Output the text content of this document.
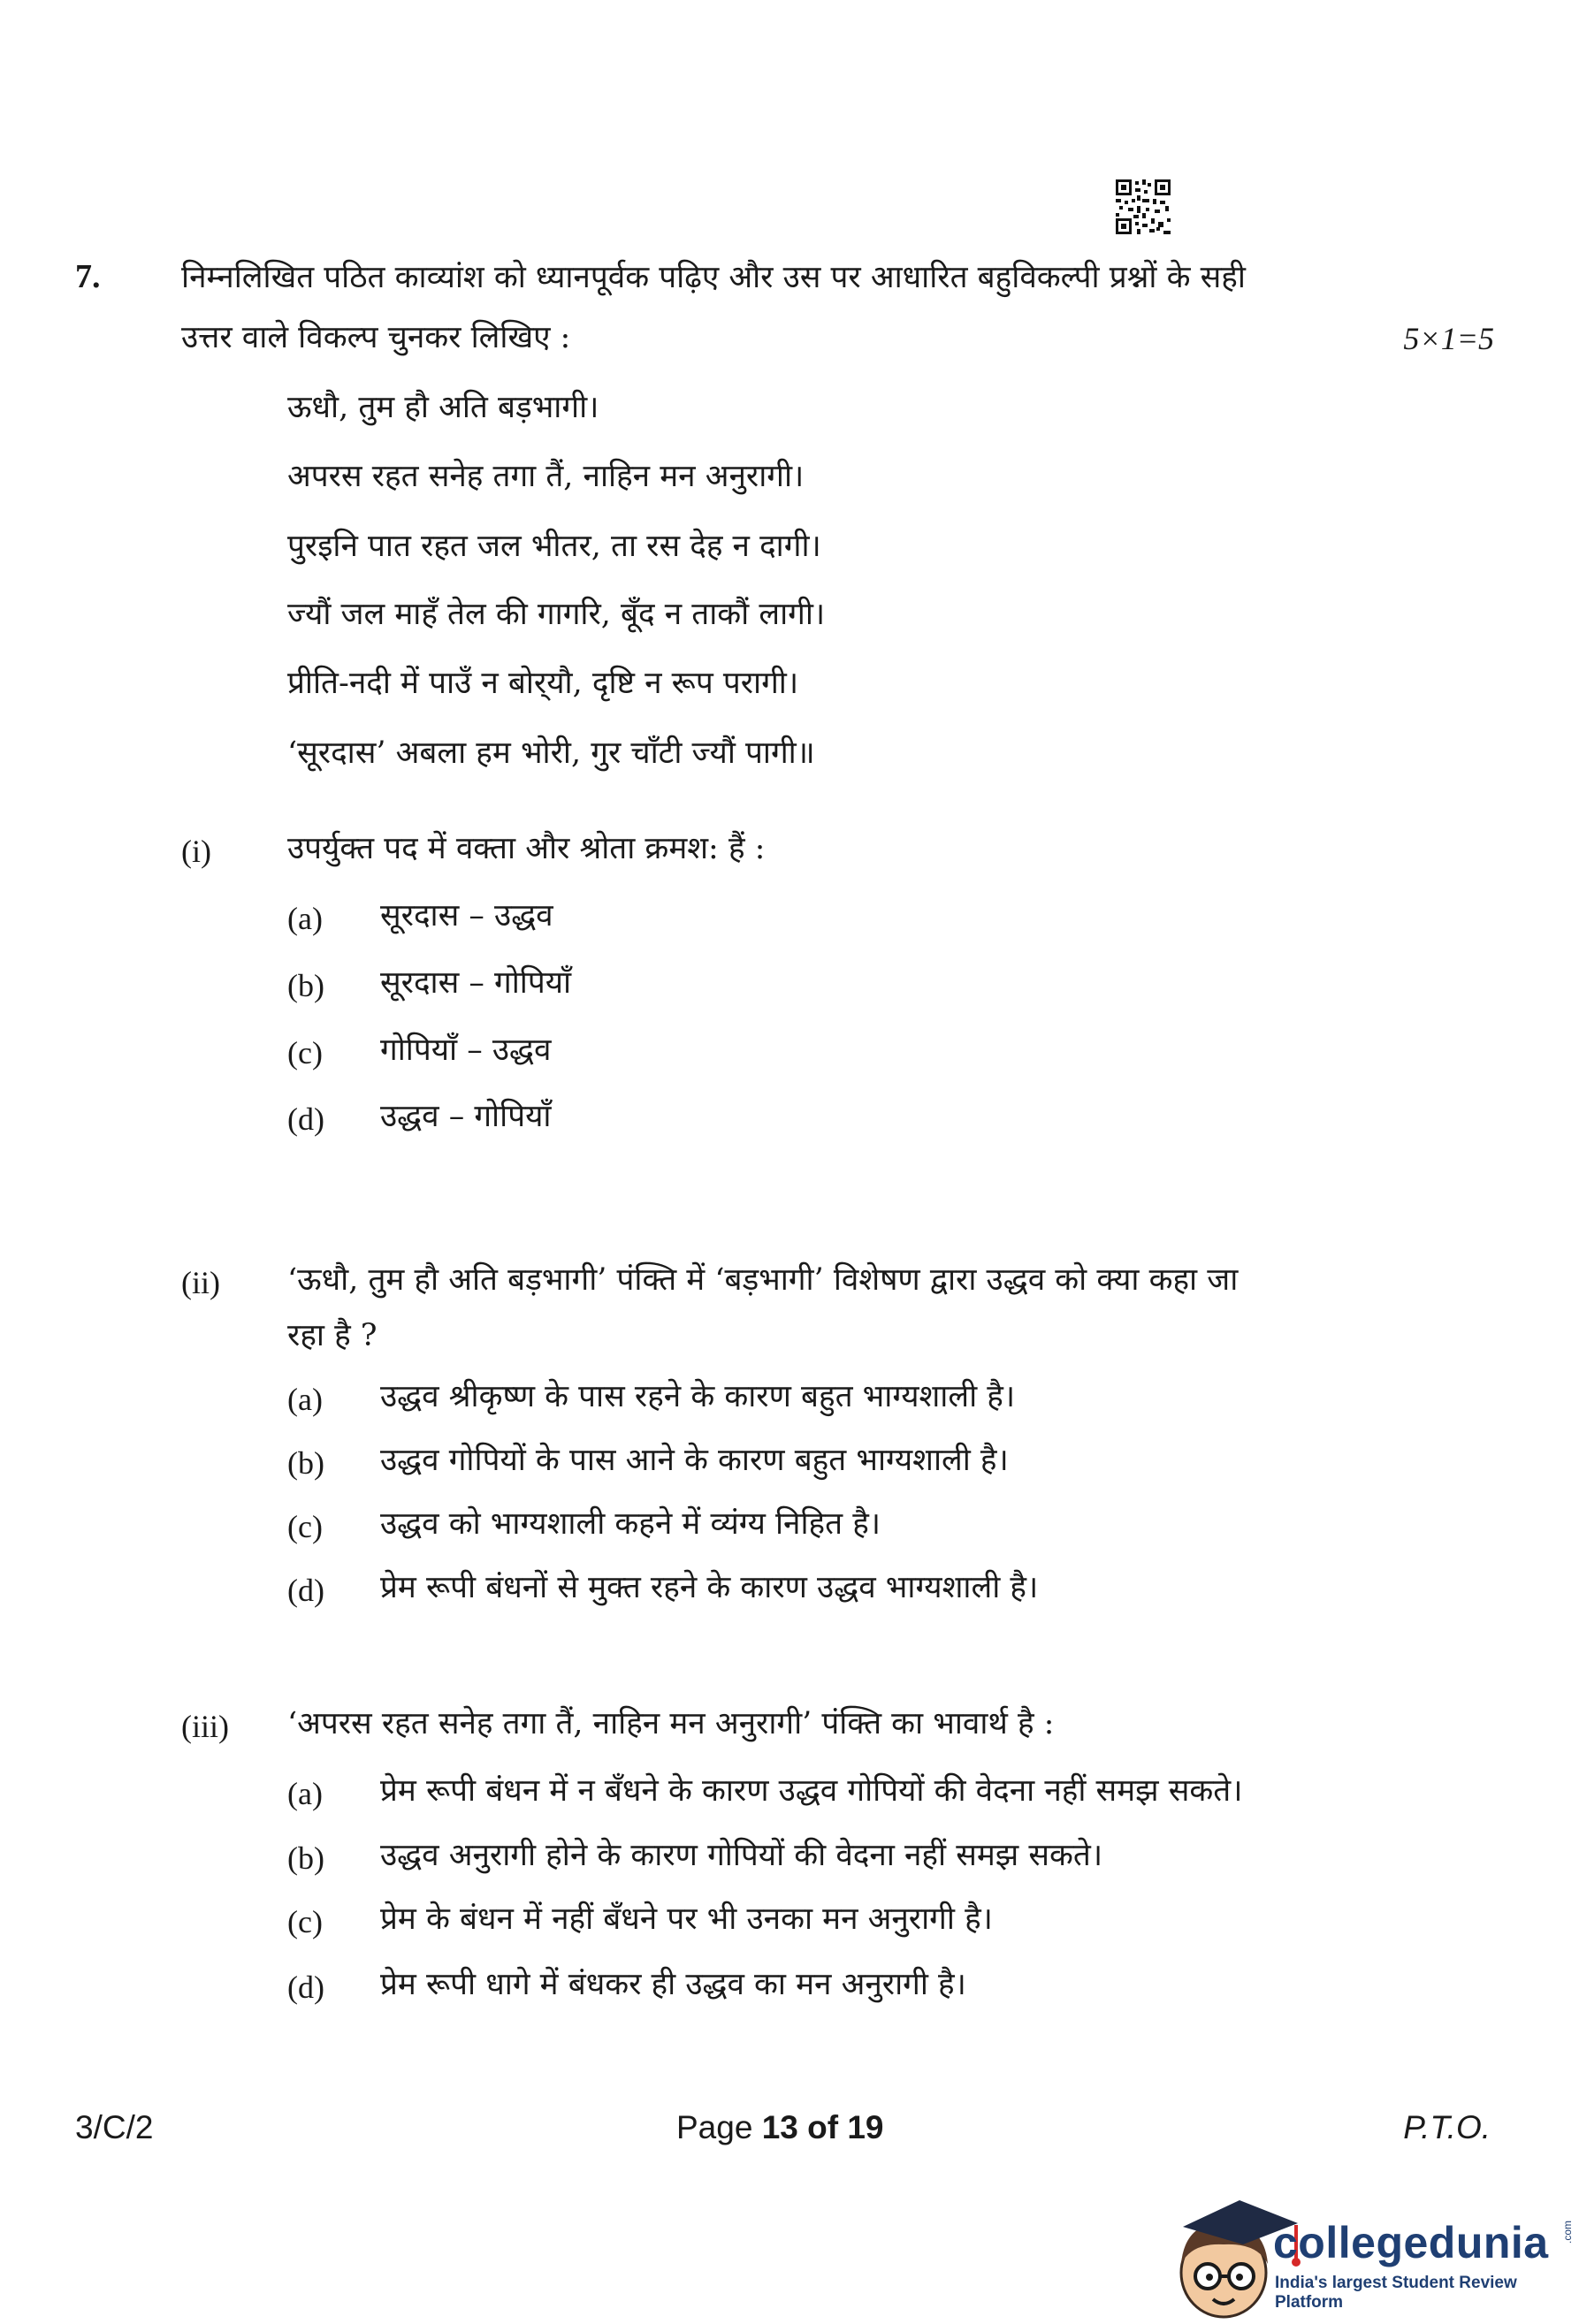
7.	निम्नलिखित पठित काव्यांश को ध्यानपूर्वक पढ़िए और उस पर आधारित बहुविकल्पी प्रश्नों के सही
उत्तर वाले विकल्प चुनकर लिखिए :	5×1=5
ऊधौ, तुम हौ अति बड़भागी।
अपरस रहत सनेह तगा तैं, नाहिन मन अनुरागी।
पुरइनि पात रहत जल भीतर, ता रस देह न दागी।
ज्यौं जल माहँ तेल की गागरि, बूँद न ताकौं लागी।
प्रीति-नदी में पाउँ न बोर्‌यौ, दृष्टि न रूप परागी।
‘सूरदास’ अबला हम भोरी, गुर चाँटी ज्यौं पागी॥
(i) उपर्युक्त पद में वक्ता और श्रोता क्रमश: हैं :
(a) सूरदास – उद्धव
(b) सूरदास – गोपियाँ
(c) गोपियाँ – उद्धव
(d) उद्धव – गोपियाँ
(ii) ‘ऊधौ, तुम हौ अति बड़भागी’ पंक्ति में ‘बड़भागी’ विशेषण द्वारा उद्धव को क्या कहा जा
रहा है ?
(a) उद्धव श्रीकृष्ण के पास रहने के कारण बहुत भाग्यशाली है।
(b) उद्धव गोपियों के पास आने के कारण बहुत भाग्यशाली है।
(c) उद्धव को भाग्यशाली कहने में व्यंग्य निहित है।
(d) प्रेम रूपी बंधनों से मुक्त रहने के कारण उद्धव भाग्यशाली है।
(iii) ‘अपरस रहत सनेह तगा तैं, नाहिन मन अनुरागी’ पंक्ति का भावार्थ है :
(a) प्रेम रूपी बंधन में न बँधने के कारण उद्धव गोपियों की वेदना नहीं समझ सकते।
(b) उद्धव अनुरागी होने के कारण गोपियों की वेदना नहीं समझ सकते।
(c) प्रेम के बंधन में नहीं बँधने पर भी उनका मन अनुरागी है।
(d) प्रेम रूपी धागे में बंधकर ही उद्धव का मन अनुरागी है।
3/C/2	Page 13 of 19	P.T.O.
collegedunia .com
India's largest Student Review Platform
